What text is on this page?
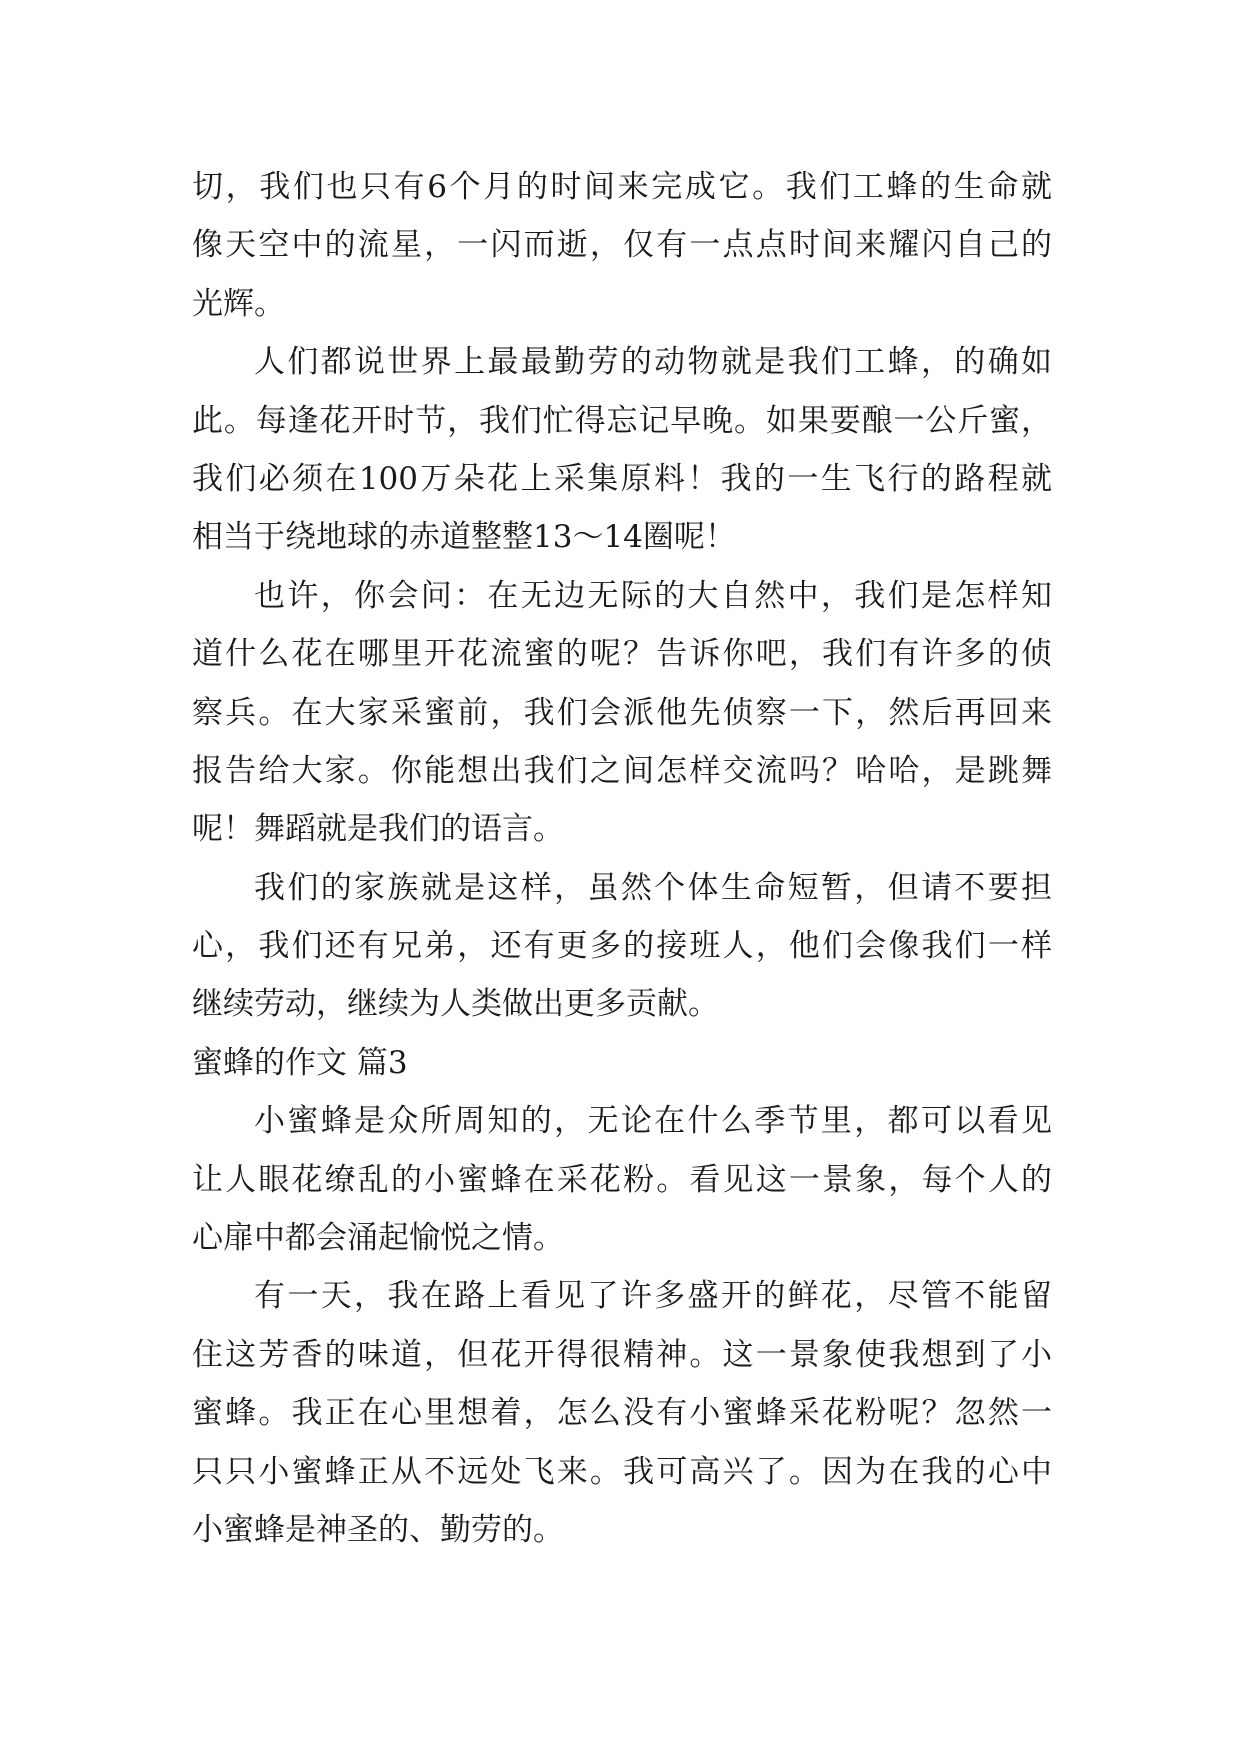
切，我们也只有6个月的时间来完成它。我们工蜂的生命就
像天空中的流星，一闪而逝，仅有一点点时间来耀闪自己的
光辉。
人们都说世界上最最勤劳的动物就是我们工蜂，的确如
此。每逢花开时节，我们忙得忘记早晚。如果要酿一公斤蜜，
我们必须在100万朵花上采集原料！我的一生飞行的路程就
相当于绕地球的赤道整整13～14圈呢！
也许，你会问：在无边无际的大自然中，我们是怎样知
道什么花在哪里开花流蜜的呢？告诉你吧，我们有许多的侦
察兵。在大家采蜜前，我们会派他先侦察一下，然后再回来
报告给大家。你能想出我们之间怎样交流吗？哈哈，是跳舞
呢！舞蹈就是我们的语言。
我们的家族就是这样，虽然个体生命短暂，但请不要担
心，我们还有兄弟，还有更多的接班人，他们会像我们一样
继续劳动，继续为人类做出更多贡献。
蜜蜂的作文 篇3
小蜜蜂是众所周知的，无论在什么季节里，都可以看见
让人眼花缭乱的小蜜蜂在采花粉。看见这一景象，每个人的
心扉中都会涌起愉悦之情。
有一天，我在路上看见了许多盛开的鲜花，尽管不能留
住这芳香的味道，但花开得很精神。这一景象使我想到了小
蜜蜂。我正在心里想着，怎么没有小蜜蜂采花粉呢？忽然一
只只小蜜蜂正从不远处飞来。我可高兴了。因为在我的心中
小蜜蜂是神圣的、勤劳的。
